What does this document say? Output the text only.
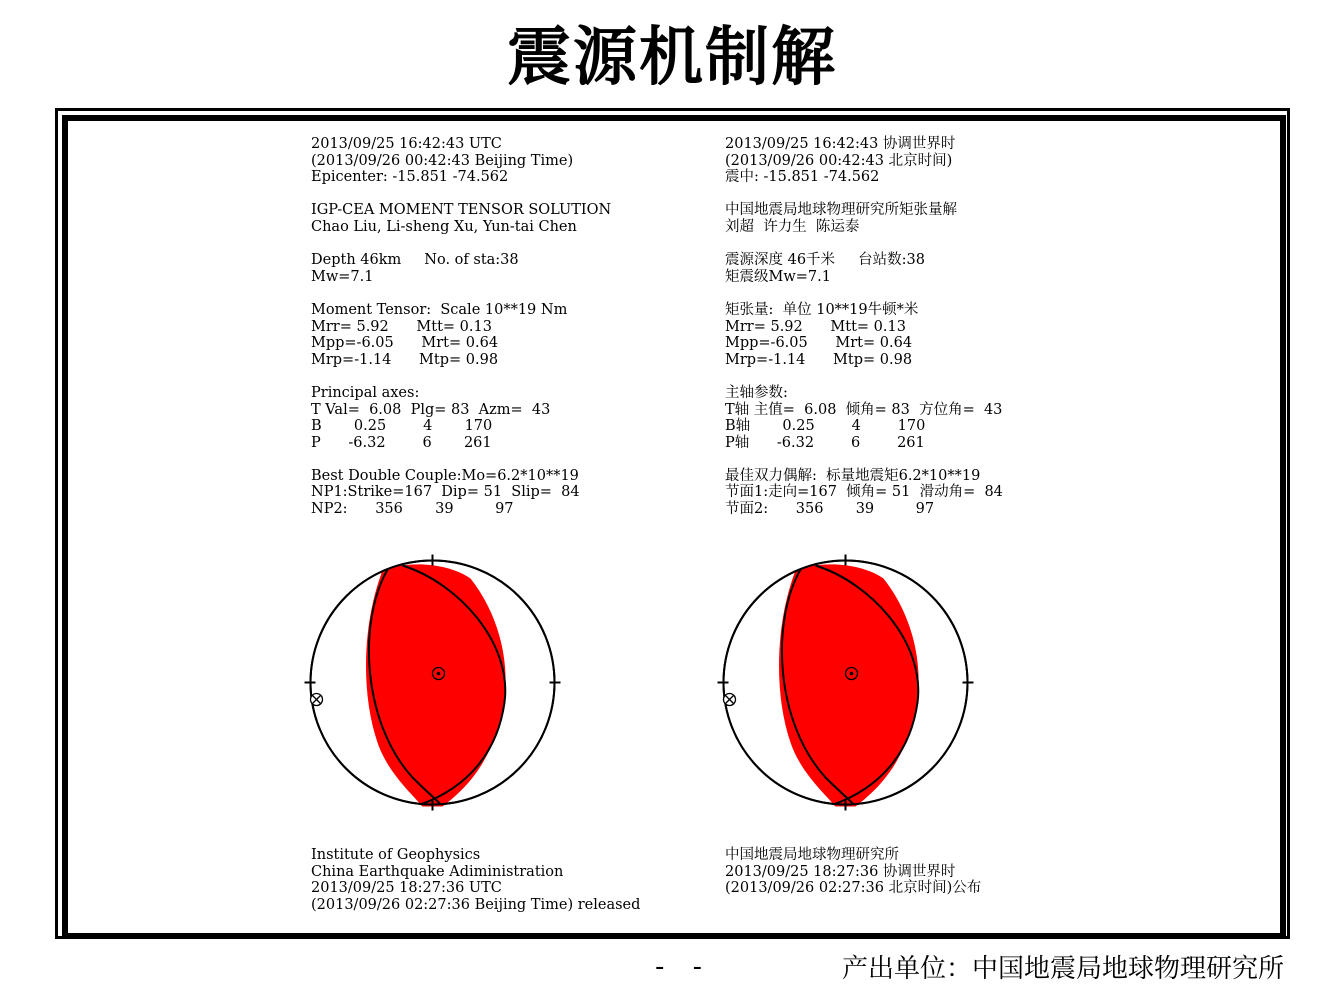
震源机制解
2013/09/25 16:42:43 UTC
(2013/09/26 00:42:43 Beijing Time)
Epicenter: -15.851 -74.562
IGP-CEA MOMENT TENSOR SOLUTION
Chao Liu, Li-sheng Xu, Yun-tai Chen
Depth 46km     No. of sta:38
Mw=7.1
Moment Tensor:  Scale 10**19 Nm
Mrr= 5.92      Mtt= 0.13
Mpp=-6.05      Mrt= 0.64
Mrp=-1.14      Mtp= 0.98
Principal axes:
T Val=  6.08  Plg= 83  Azm=  43
B       0.25        4       170
P      -6.32        6       261
Best Double Couple:Mo=6.2*10**19
NP1:Strike=167  Dip= 51  Slip=  84
NP2:      356       39         97
2013/09/25 16:42:43 协调世界时
(2013/09/26 00:42:43 北京时间)
震中: -15.851 -74.562
中国地震局地球物理研究所矩张量解
刘超  许力生  陈运泰
震源深度 46千米     台站数:38
矩震级Mw=7.1
矩张量:  单位 10**19牛顿*米
Mrr= 5.92      Mtt= 0.13
Mpp=-6.05      Mrt= 0.64
Mrp=-1.14      Mtp= 0.98
主轴参数:
T轴 主值=  6.08  倾角= 83  方位角=  43
B轴       0.25        4        170
P轴      -6.32        6        261
最佳双力偶解:  标量地震矩6.2*10**19
节面1:走向=167  倾角= 51  滑动角=  84
节面2:      356       39         97
Institute of Geophysics
China Earthquake Adiministration
2013/09/25 18:27:36 UTC
(2013/09/26 02:27:36 Beijing Time) released
中国地震局地球物理研究所
2013/09/25 18:27:36 协调世界时
(2013/09/26 02:27:36 北京时间)公布
- -	产出单位：中国地震局地球物理研究所
